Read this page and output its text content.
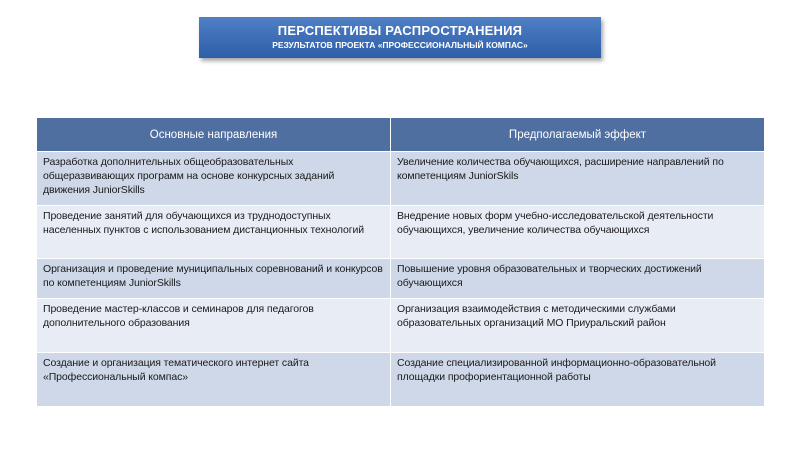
ПЕРСПЕКТИВЫ РАСПРОСТРАНЕНИЯ
РЕЗУЛЬТАТОВ ПРОЕКТА «ПРОФЕССИОНАЛЬНЫЙ КОМПАС»
Основные направления	Предполагаемый эффект
Разработка дополнительных общеобразовательных общеразвивающих программ на основе конкурсных заданий движения JuniorSkills	Увеличение количества обучающихся, расширение направлений по компетенциям JuniorSkils
Проведение занятий для обучающихся из труднодоступных населенных пунктов с использованием дистанционных технологий	Внедрение новых форм учебно-исследовательской деятельности обучающихся, увеличение количества обучающихся
Организация и проведение муниципальных соревнований и конкурсов по компетенциям JuniorSkills	Повышение уровня образовательных и творческих достижений обучающихся
Проведение мастер-классов и семинаров для педагогов дополнительного образования	Организация взаимодействия с методическими службами образовательных организаций МО Приуральский район
Создание и организация тематического интернет сайта «Профессиональный компас»	Создание специализированной информационно-образовательной площадки профориентационной работы
